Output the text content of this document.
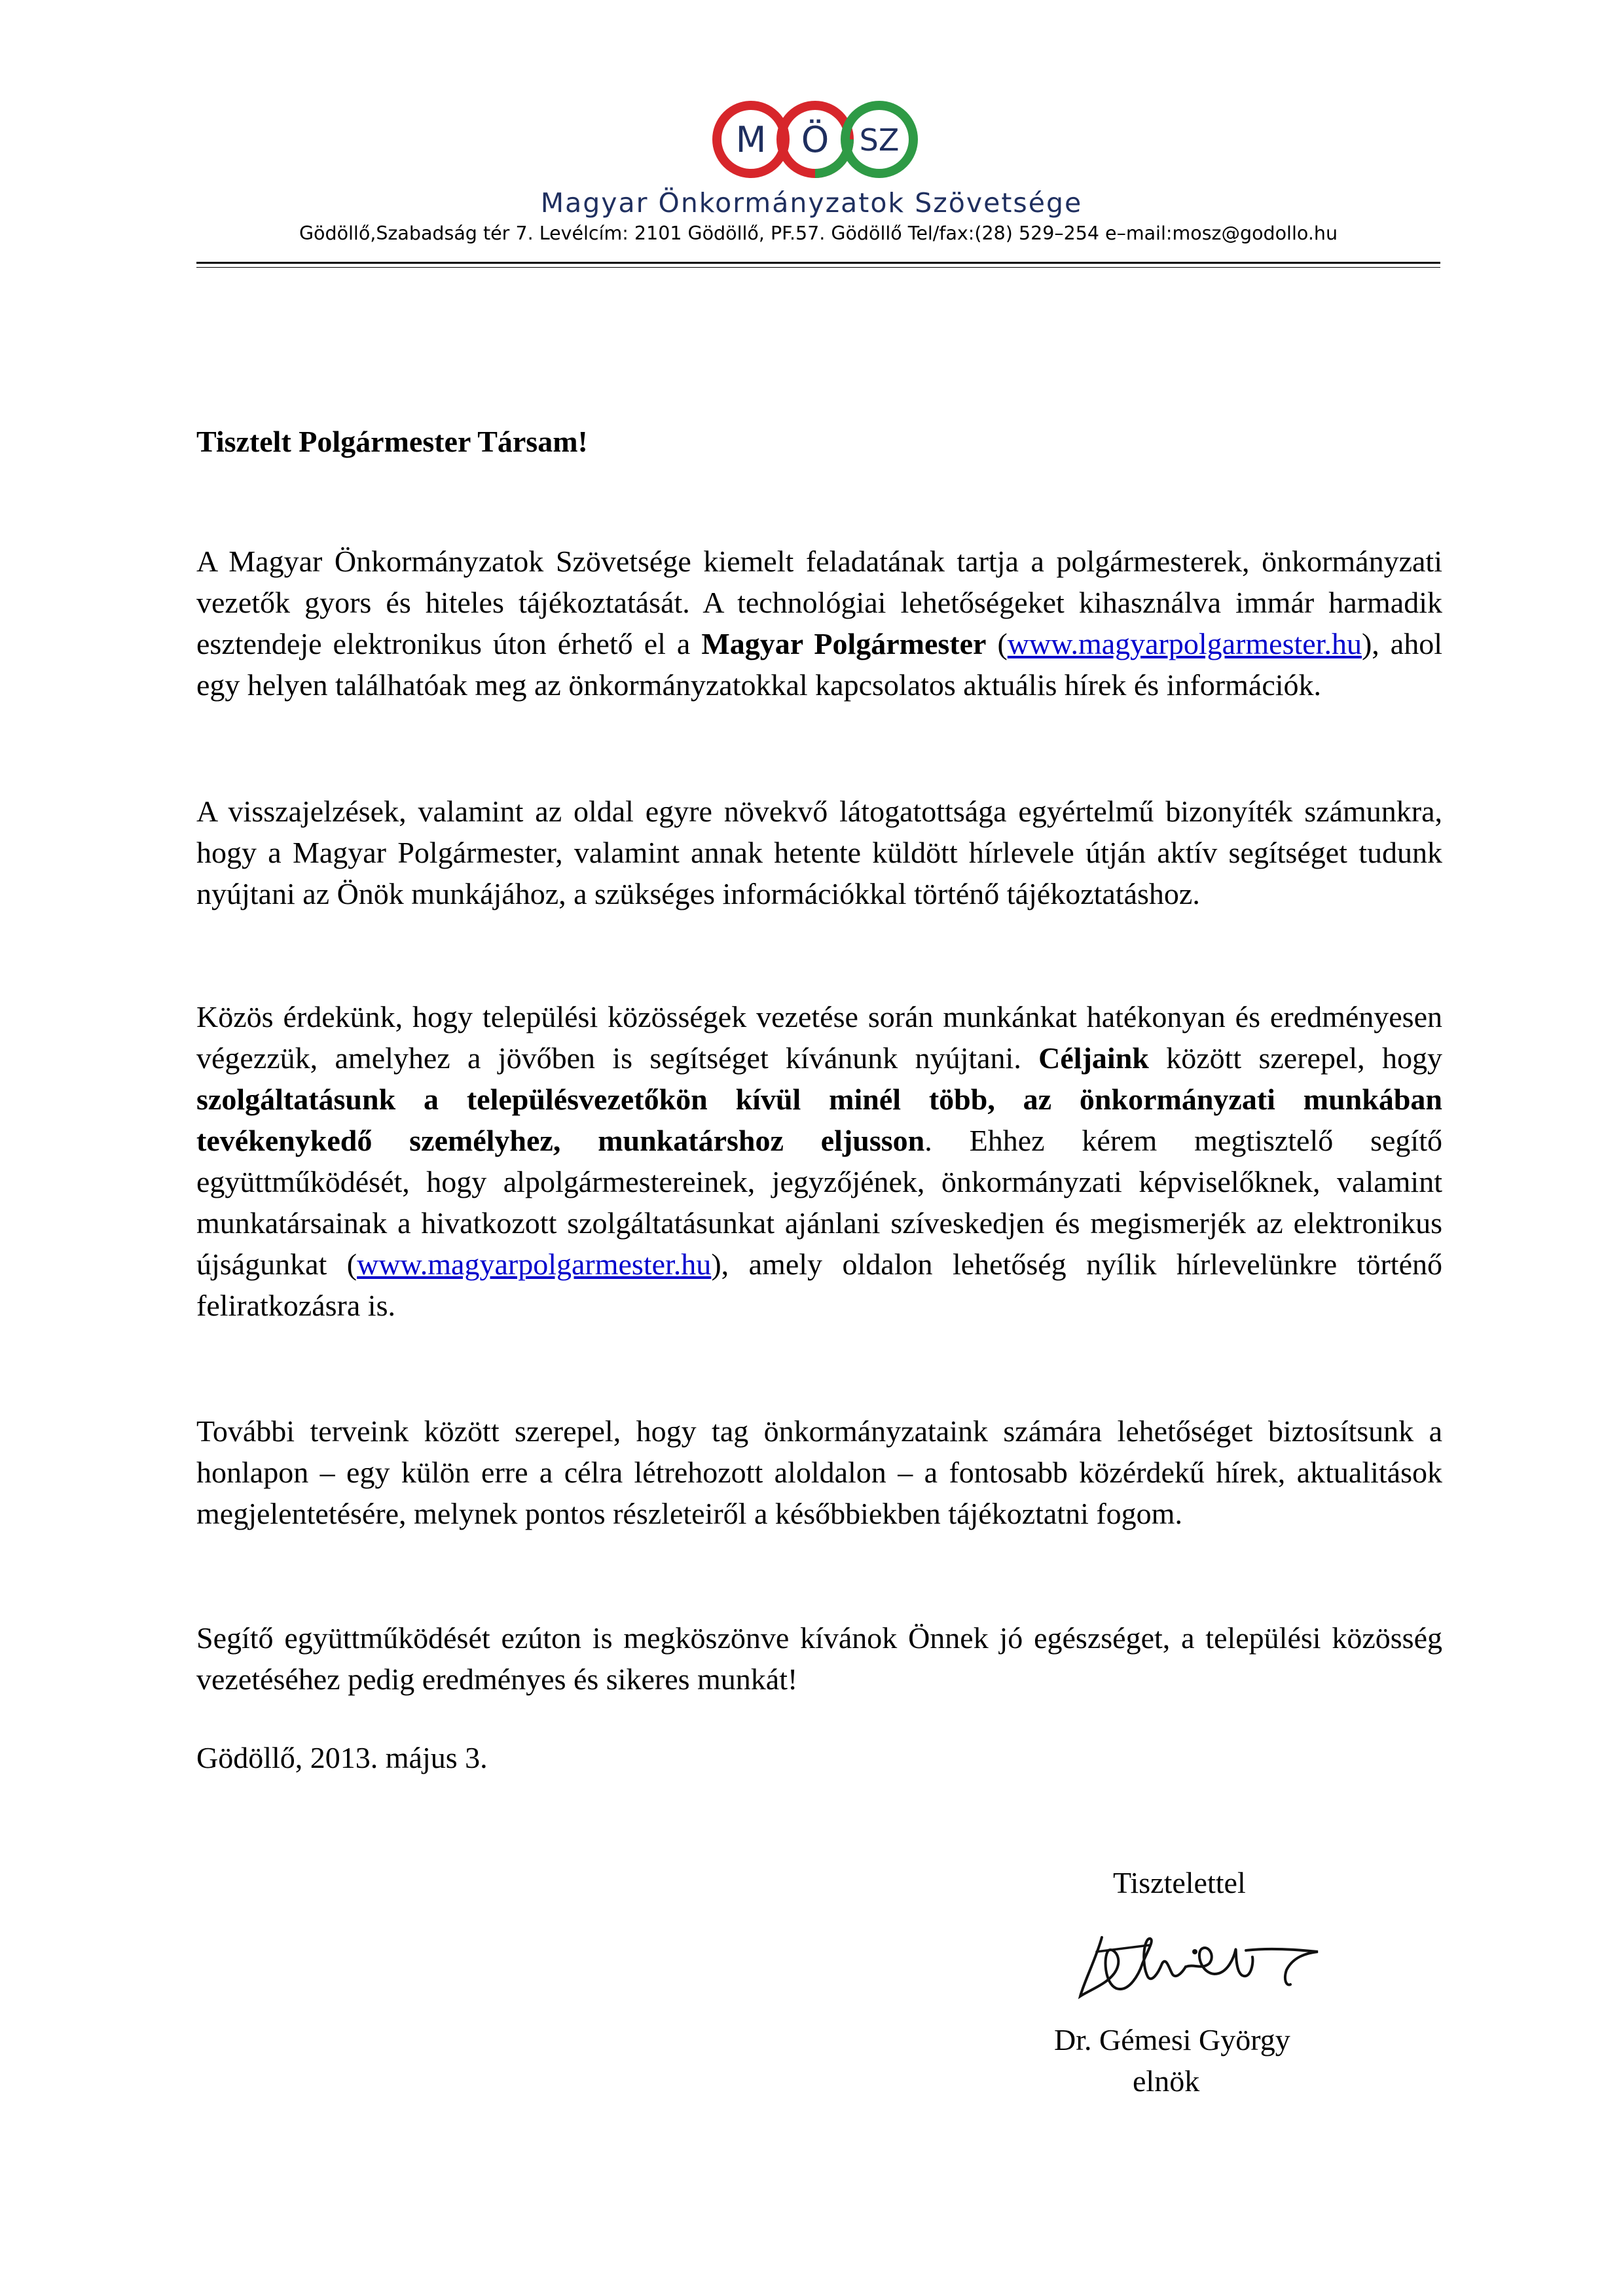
M Ö SZ
Magyar Önkormányzatok Szövetsége
Gödöllő,Szabadság tér 7. Levélcím: 2101 Gödöllő, PF.57. Gödöllő Tel/fax:(28) 529–254 e–mail:mosz@godollo.hu
Tisztelt Polgármester Társam!
A Magyar Önkormányzatok Szövetsége kiemelt feladatának tartja a polgármesterek, önkormányzati vezetők gyors és hiteles tájékoztatását. A technológiai lehetőségeket kihasználva immár harmadik esztendeje elektronikus úton érhető el a Magyar Polgármester (www.magyarpolgarmester.hu), ahol egy helyen találhatóak meg az önkormányzatokkal kapcsolatos aktuális hírek és információk.
A visszajelzések, valamint az oldal egyre növekvő látogatottsága egyértelmű bizonyíték számunkra, hogy a Magyar Polgármester, valamint annak hetente küldött hírlevele útján aktív segítséget tudunk nyújtani az Önök munkájához, a szükséges információkkal történő tájékoztatáshoz.
Közös érdekünk, hogy települési közösségek vezetése során munkánkat hatékonyan és eredményesen végezzük, amelyhez a jövőben is segítséget kívánunk nyújtani. Céljaink között szerepel, hogy szolgáltatásunk a településvezetőkön kívül minél több, az önkormányzati munkában tevékenykedő személyhez, munkatárshoz eljusson. Ehhez kérem megtisztelő segítő együttműködését, hogy alpolgármestereinek, jegyzőjének, önkormányzati képviselőknek, valamint munkatársainak a hivatkozott szolgáltatásunkat ajánlani szíveskedjen és megismerjék az elektronikus újságunkat (www.magyarpolgarmester.hu), amely oldalon lehetőség nyílik hírlevelünkre történő feliratkozásra is.
További terveink között szerepel, hogy tag önkormányzataink számára lehetőséget biztosítsunk a honlapon – egy külön erre a célra létrehozott aloldalon – a fontosabb közérdekű hírek, aktualitások megjelentetésére, melynek pontos részleteiről a későbbiekben tájékoztatni fogom.
Segítő együttműködését ezúton is megköszönve kívánok Önnek jó egészséget, a települési közösség vezetéséhez pedig eredményes és sikeres munkát!
Gödöllő, 2013. május 3.
Tisztelettel
Dr. Gémesi György
elnök
